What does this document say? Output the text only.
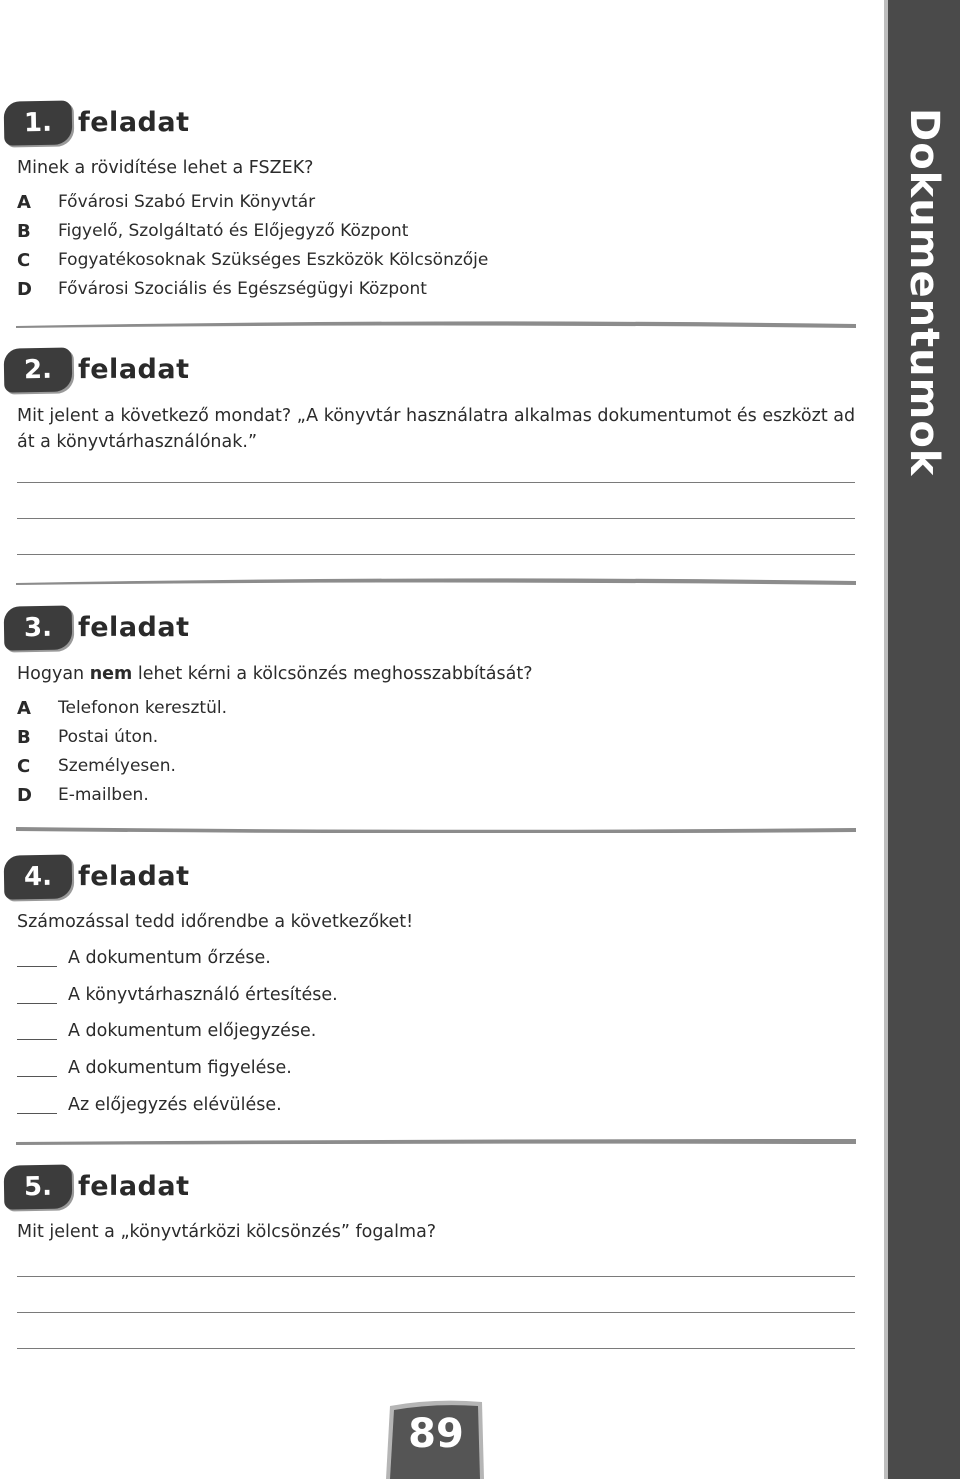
Dokumentumok
1. feladat
Minek a rövidítése lehet a FSZEK?
A Fővárosi Szabó Ervin Könyvtár
B Figyelő, Szolgáltató és Előjegyző Központ
C Fogyatékosoknak Szükséges Eszközök Kölcsönzője
D Fővárosi Szociális és Egészségügyi Központ
2. feladat
Mit jelent a következő mondat? „A könyvtár használatra alkalmas dokumentumot és eszközt ad át a könyvtárhasználónak.”
3. feladat
Hogyan nem lehet kérni a kölcsönzés meghosszabbítását?
A Telefonon keresztül.
B Postai úton.
C Személyesen.
D E-mailben.
4. feladat
Számozással tedd időrendbe a következőket!
A dokumentum őrzése.
A könyvtárhasználó értesítése.
A dokumentum előjegyzése.
A dokumentum figyelése.
Az előjegyzés elévülése.
5. feladat
Mit jelent a „könyvtárközi kölcsönzés” fogalma?
89
